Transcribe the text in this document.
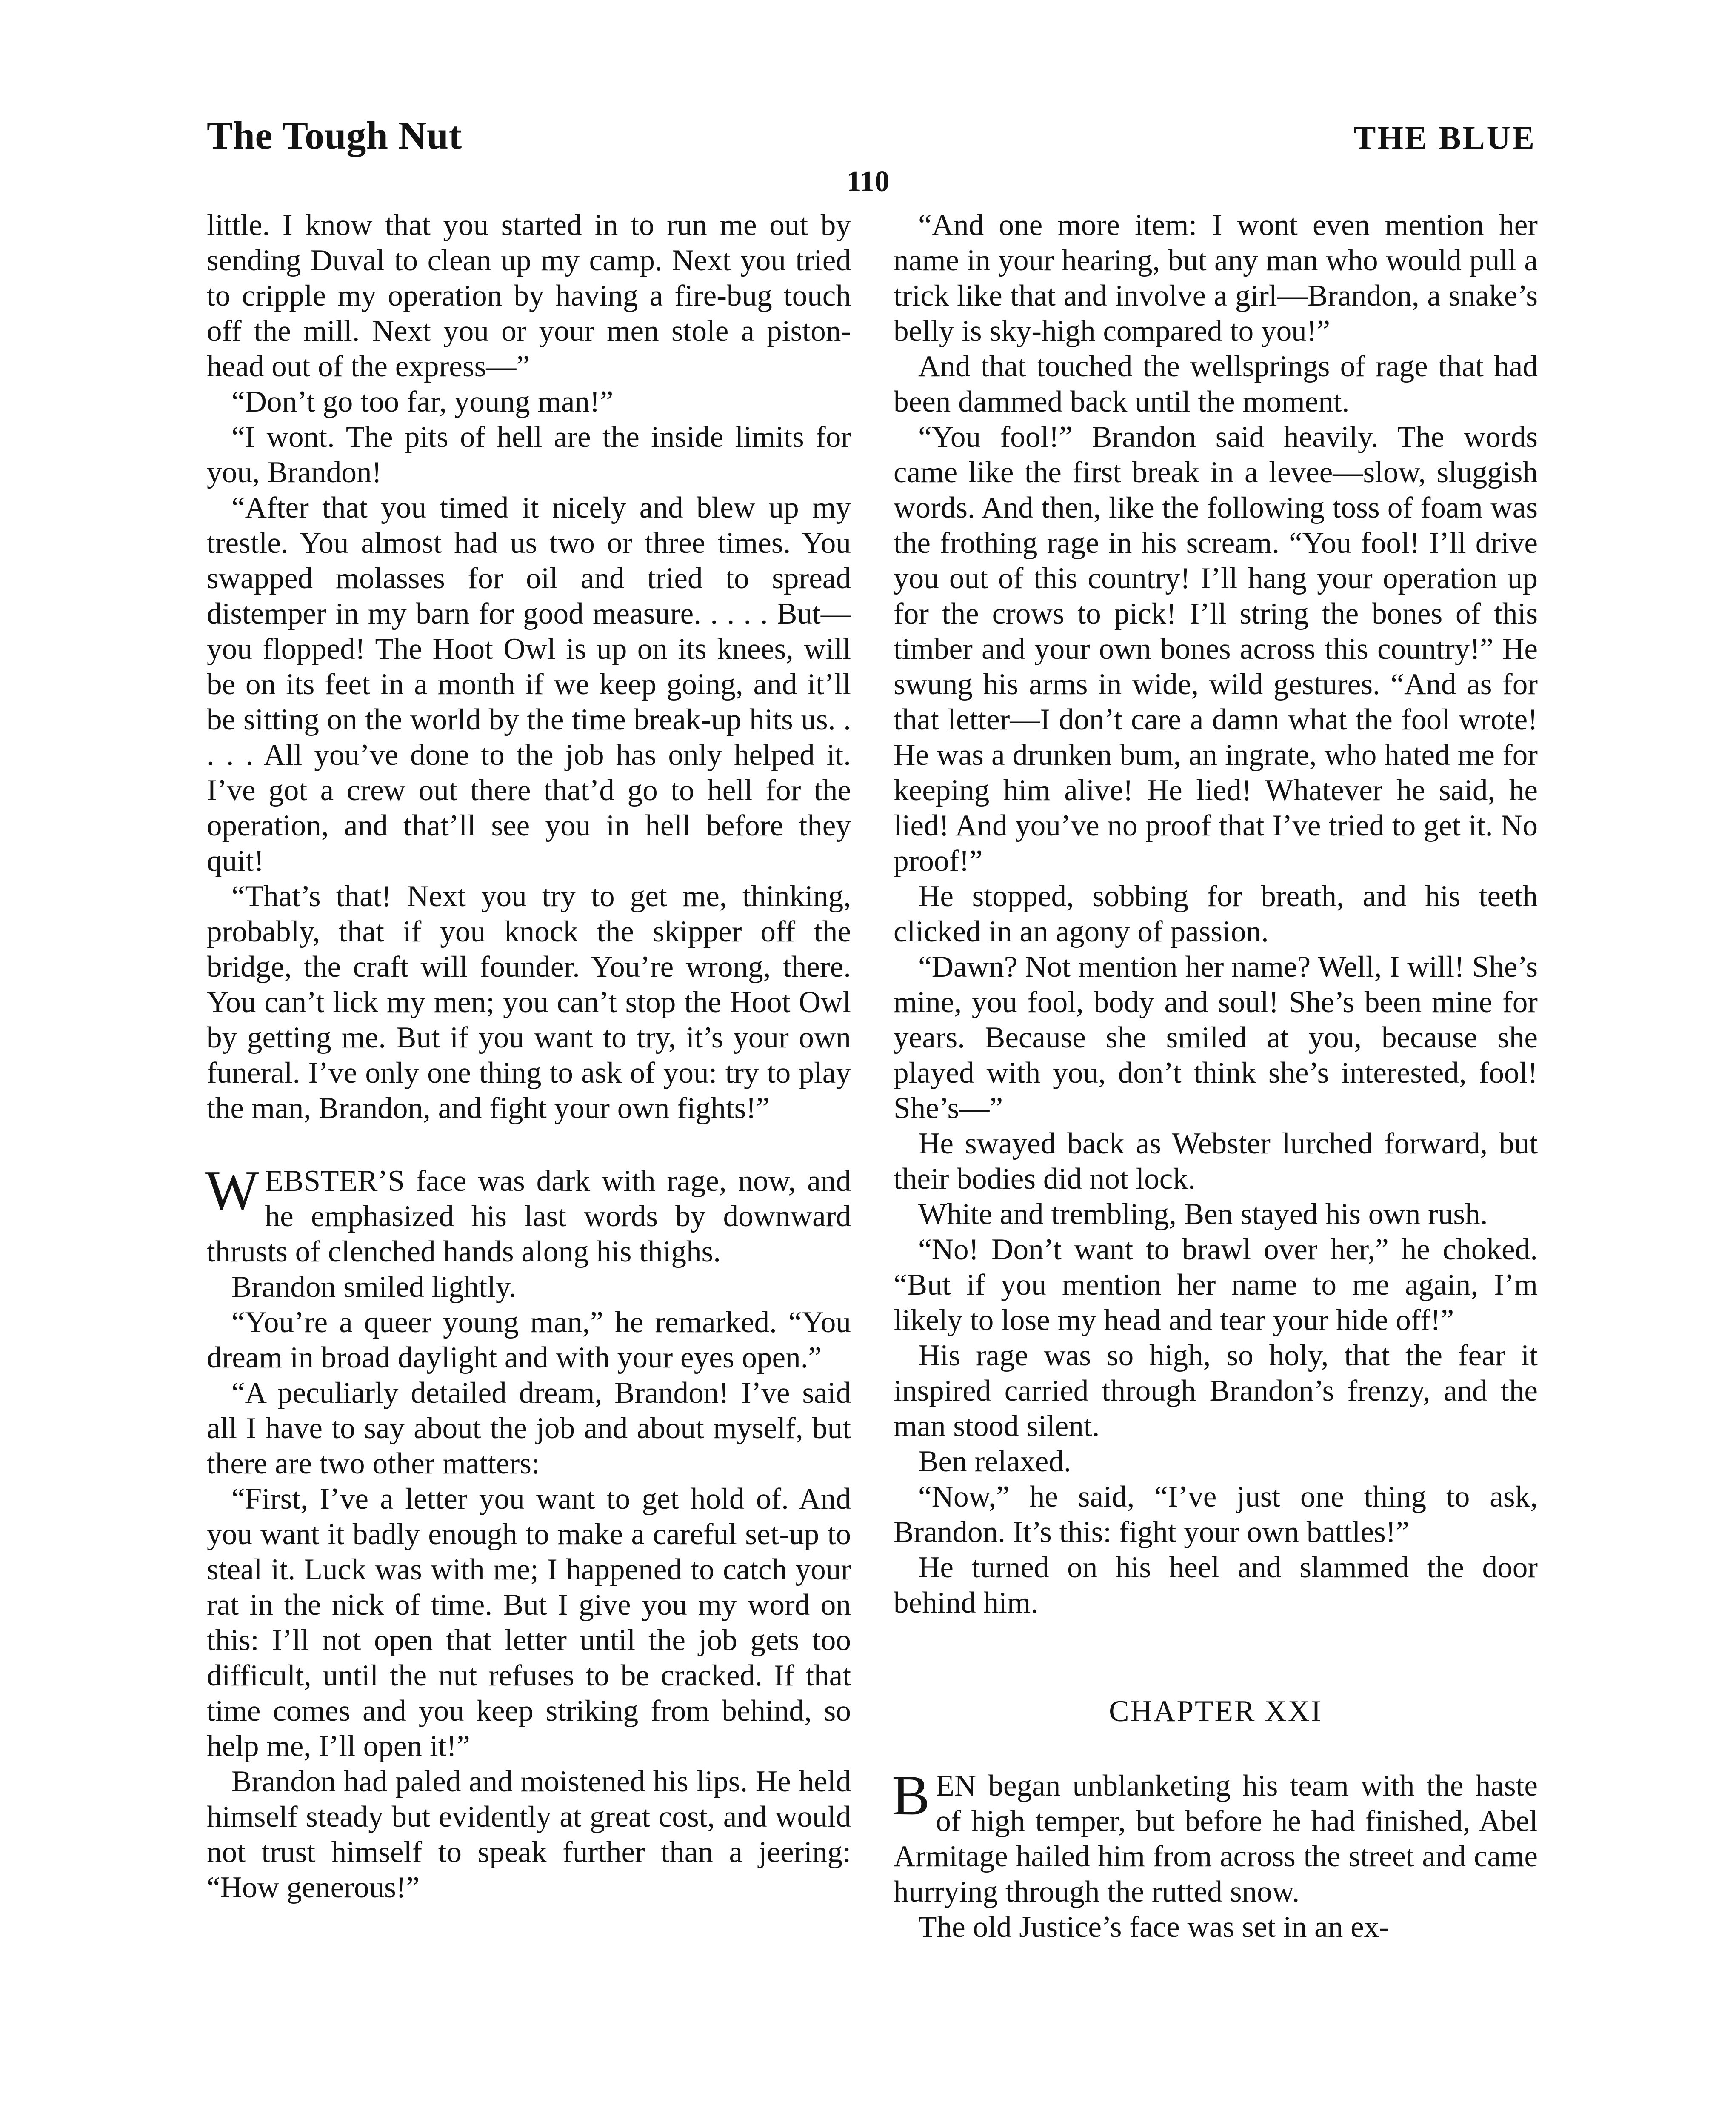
The Tough Nut	THE BLUE
110

little. I know that you started in to run me out by sending Duval to clean up my camp. Next you tried to cripple my operation by having a fire-bug touch off the mill. Next you or your men stole a piston-head out of the express—”

“Don’t go too far, young man!”

“I wont. The pits of hell are the inside limits for you, Brandon!

“After that you timed it nicely and blew up my trestle. You almost had us two or three times. You swapped molasses for oil and tried to spread distemper in my barn for good measure. . . . . But—you flopped! The Hoot Owl is up on its knees, will be on its feet in a month if we keep going, and it’ll be sitting on the world by the time break-up hits us. . . . . All you’ve done to the job has only helped it. I’ve got a crew out there that’d go to hell for the operation, and that’ll see you in hell before they quit!

“That’s that! Next you try to get me, thinking, probably, that if you knock the skipper off the bridge, the craft will founder. You’re wrong, there. You can’t lick my men; you can’t stop the Hoot Owl by getting me. But if you want to try, it’s your own funeral. I’ve only one thing to ask of you: try to play the man, Brandon, and fight your own fights!”

WEBSTER’S face was dark with rage, now, and he emphasized his last words by downward thrusts of clenched hands along his thighs.

Brandon smiled lightly.

“You’re a queer young man,” he remarked. “You dream in broad daylight and with your eyes open.”

“A peculiarly detailed dream, Brandon! I’ve said all I have to say about the job and about myself, but there are two other matters:

“First, I’ve a letter you want to get hold of. And you want it badly enough to make a careful set-up to steal it. Luck was with me; I happened to catch your rat in the nick of time. But I give you my word on this: I’ll not open that letter until the job gets too difficult, until the nut refuses to be cracked. If that time comes and you keep striking from behind, so help me, I’ll open it!”

Brandon had paled and moistened his lips. He held himself steady but evidently at great cost, and would not trust himself to speak further than a jeering: “How generous!”

“And one more item: I wont even mention her name in your hearing, but any man who would pull a trick like that and involve a girl—Brandon, a snake’s belly is sky-high compared to you!”

And that touched the wellsprings of rage that had been dammed back until the moment.

“You fool!” Brandon said heavily. The words came like the first break in a levee—slow, sluggish words. And then, like the following toss of foam was the frothing rage in his scream. “You fool! I’ll drive you out of this country! I’ll hang your operation up for the crows to pick! I’ll string the bones of this timber and your own bones across this country!” He swung his arms in wide, wild gestures. “And as for that letter—I don’t care a damn what the fool wrote! He was a drunken bum, an ingrate, who hated me for keeping him alive! He lied! Whatever he said, he lied! And you’ve no proof that I’ve tried to get it. No proof!”

He stopped, sobbing for breath, and his teeth clicked in an agony of passion.

“Dawn? Not mention her name? Well, I will! She’s mine, you fool, body and soul! She’s been mine for years. Because she smiled at you, because she played with you, don’t think she’s interested, fool! She’s—”

He swayed back as Webster lurched forward, but their bodies did not lock.

White and trembling, Ben stayed his own rush.

“No! Don’t want to brawl over her,” he choked. “But if you mention her name to me again, I’m likely to lose my head and tear your hide off!”

His rage was so high, so holy, that the fear it inspired carried through Brandon’s frenzy, and the man stood silent.

Ben relaxed.

“Now,” he said, “I’ve just one thing to ask, Brandon. It’s this: fight your own battles!”

He turned on his heel and slammed the door behind him.

CHAPTER XXI

BEN began unblanketing his team with the haste of high temper, but before he had finished, Abel Armitage hailed him from across the street and came hurrying through the rutted snow.

The old Justice’s face was set in an ex-
